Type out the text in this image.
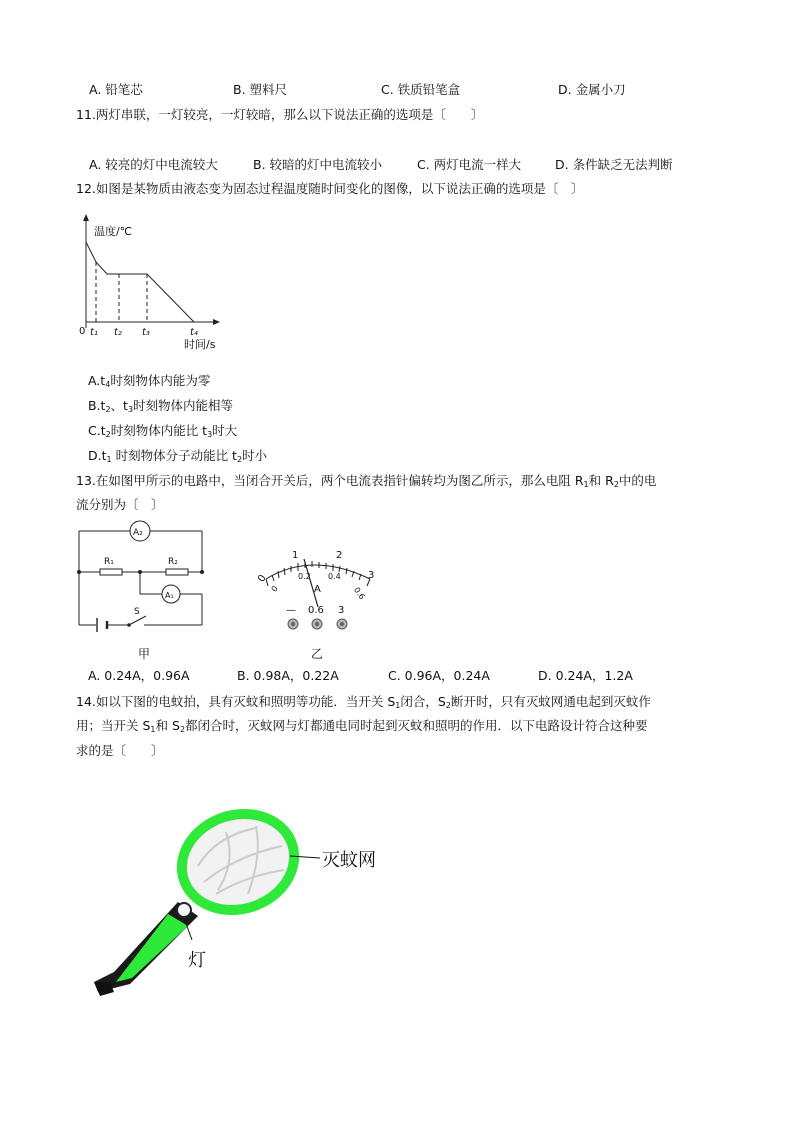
A. 铅笔芯	B. 塑料尺	C. 铁质铅笔盒	D. 金属小刀
11.两灯串联，一灯较亮，一灯较暗，那么以下说法正确的选项是〔　　〕
A. 较亮的灯中电流较大	B. 较暗的灯中电流较小	C. 两灯电流一样大	D. 条件缺乏无法判断
12.如图是某物质由液态变为固态过程温度随时间变化的图像，以下说法正确的选项是〔　〕
温度/℃
0 t₁ t₂ t₃	t₄
时间/s
$A.t_4$时刻物体内能为零
$B.t_2$、$t_3$时刻物体内能相等
$C.t_2$时刻物体内能比 $t_3$时大
$D.t_1$ 时刻物体分子动能比 $t_2$时小
13.在如图甲所示的电路中，当闭合开关后，两个电流表指针偏转均为图乙所示，那么电阻 $R_1$和 $R_2$中的电
流分别为〔　〕
A₂
R₁	R₂
A₁
S
甲
0
1	2
3
0
0.2 0.4
0.6
A
— 0.6 3
乙
A. 0.24A，0.96A	B. 0.98A，0.22A	C. 0.96A，0.24A	D. 0.24A，1.2A
14.如以下图的电蚊拍，具有灭蚊和照明等功能．当开关 $S_1$闭合，$S_2$断开时，只有灭蚊网通电起到灭蚊作
用；当开关 $S_1$和 $S_2$都闭合时，灭蚊网与灯都通电同时起到灭蚊和照明的作用．以下电路设计符合这种要
求的是〔　　〕
灭蚊网
灯
